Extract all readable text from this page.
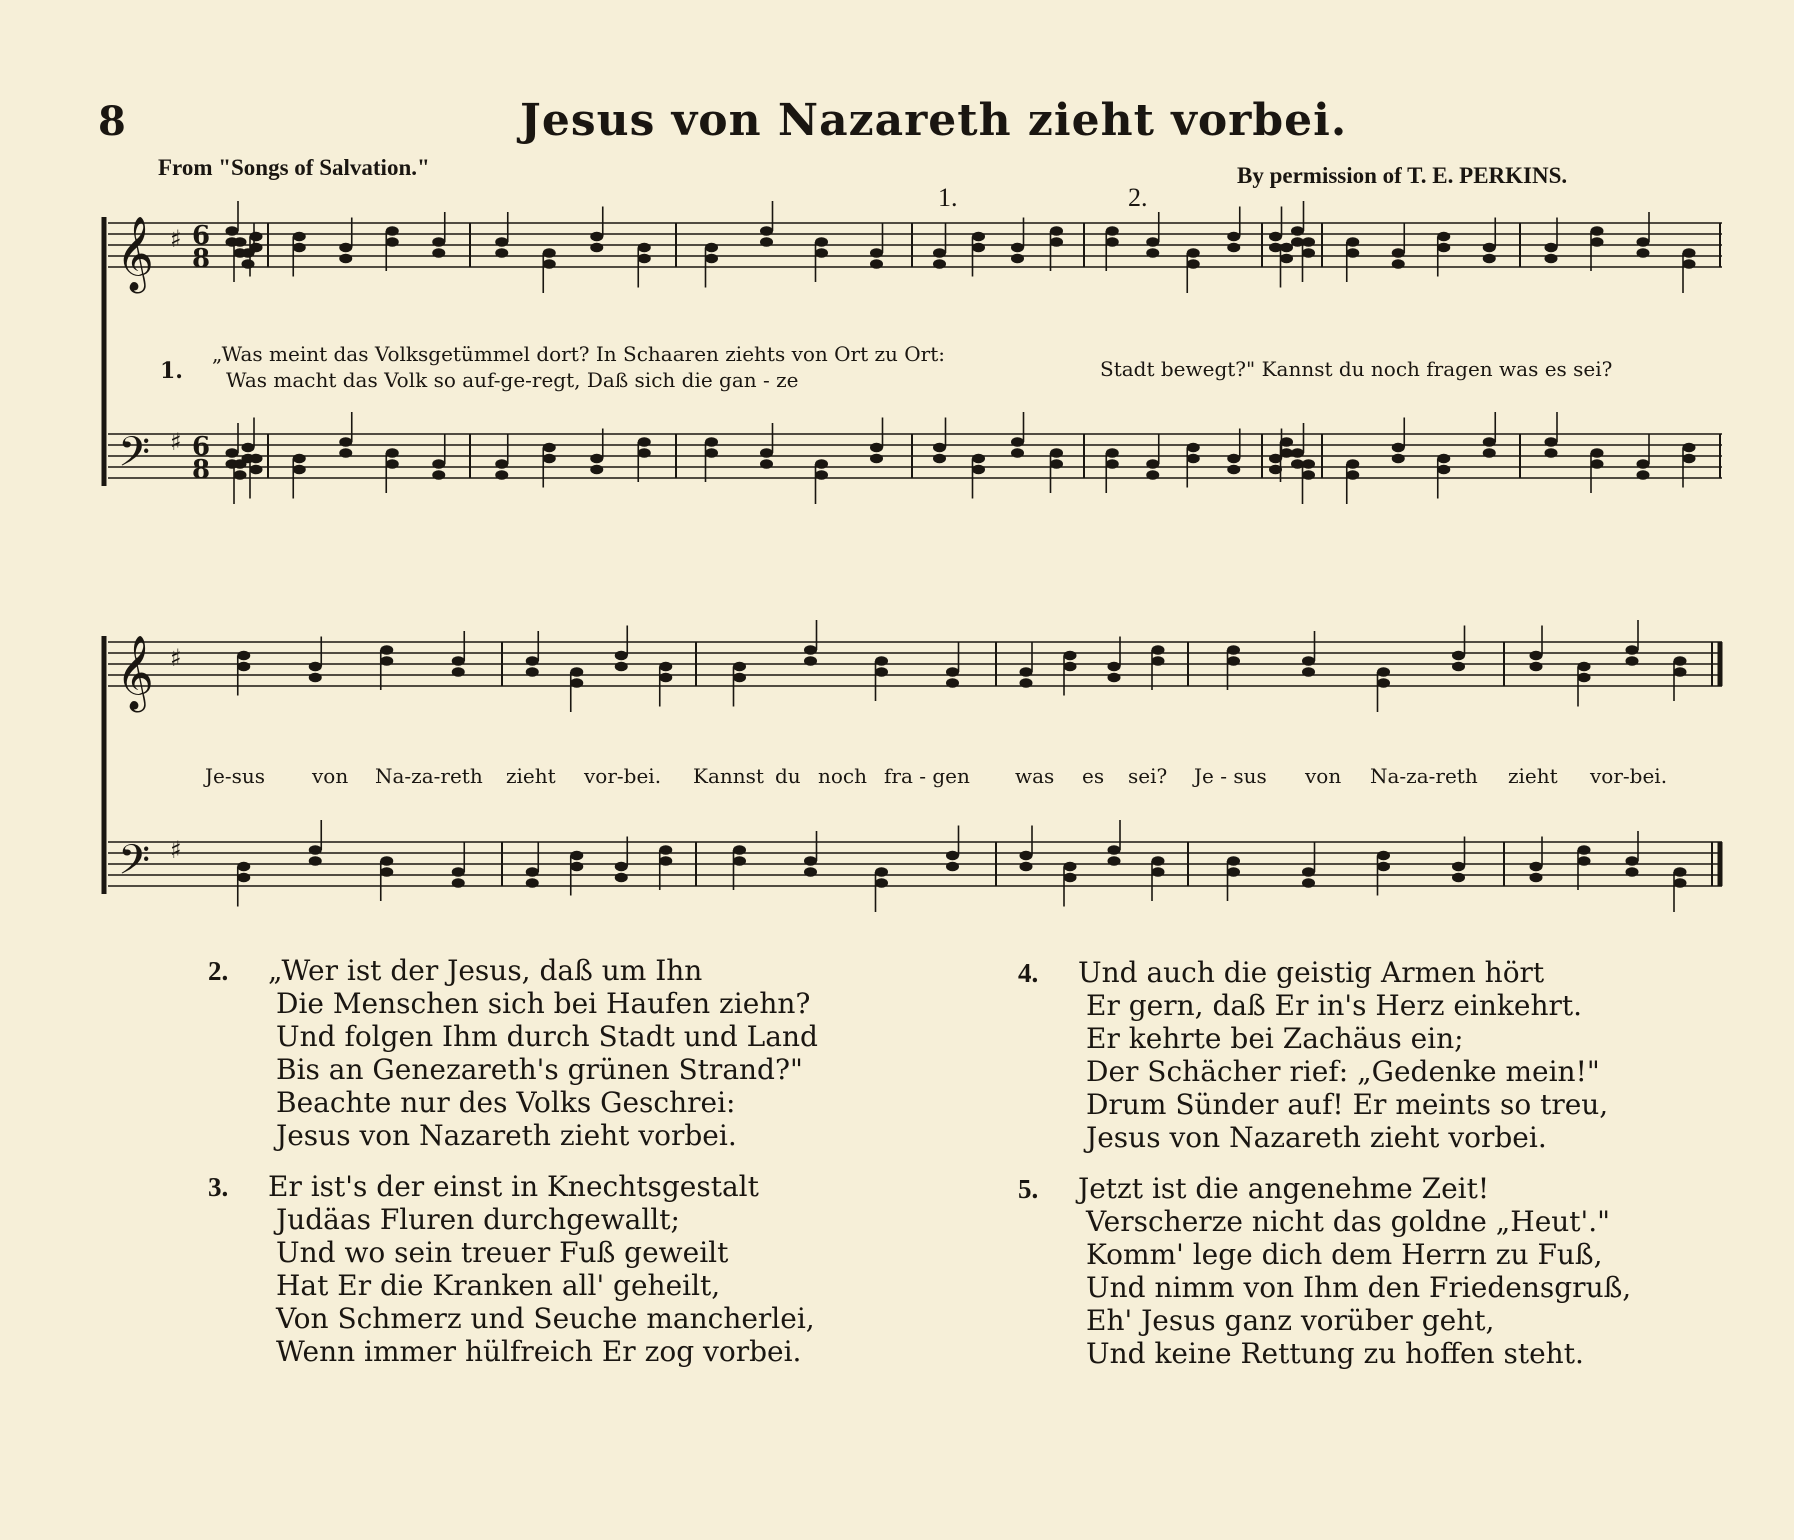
8	Jesus von Nazareth zieht vorbei.
From "Songs of Salvation."	By permission of T. E. PERKINS.
1.	2.
𝄞
𝄢
♯
♯
6
8
6
8
𝄞
𝄢
♯
♯
1.
„Was meint das Volksgetümmel dort? In Schaaren ziehts von Ort zu Ort:
Was macht das Volk so auf-ge-regt, Daß sich die gan - ze	Stadt bewegt?" Kannst du noch fragen was es sei?
Je-sus von Na-za-reth zieht vor-bei. Kannst du noch fra - gen was es sei? Je - sus von Na-za-reth zieht vor-bei.
2. „Wer ist der Jesus, daß um Ihn
Die Menschen sich bei Haufen ziehn?
Und folgen Ihm durch Stadt und Land
Bis an Genezareth's grünen Strand?"
Beachte nur des Volks Geschrei:
Jesus von Nazareth zieht vorbei.
3. Er ist's der einst in Knechtsgestalt
Judäas Fluren durchgewallt;
Und wo sein treuer Fuß geweilt
Hat Er die Kranken all' geheilt,
Von Schmerz und Seuche mancherlei,
Wenn immer hülfreich Er zog vorbei.
4. Und auch die geistig Armen hört
Er gern, daß Er in's Herz einkehrt.
Er kehrte bei Zachäus ein;
Der Schächer rief: „Gedenke mein!"
Drum Sünder auf! Er meints so treu,
Jesus von Nazareth zieht vorbei.
5. Jetzt ist die angenehme Zeit!
Verscherze nicht das goldne „Heut'."
Komm' lege dich dem Herrn zu Fuß,
Und nimm von Ihm den Friedensgruß,
Eh' Jesus ganz vorüber geht,
Und keine Rettung zu hoffen steht.
